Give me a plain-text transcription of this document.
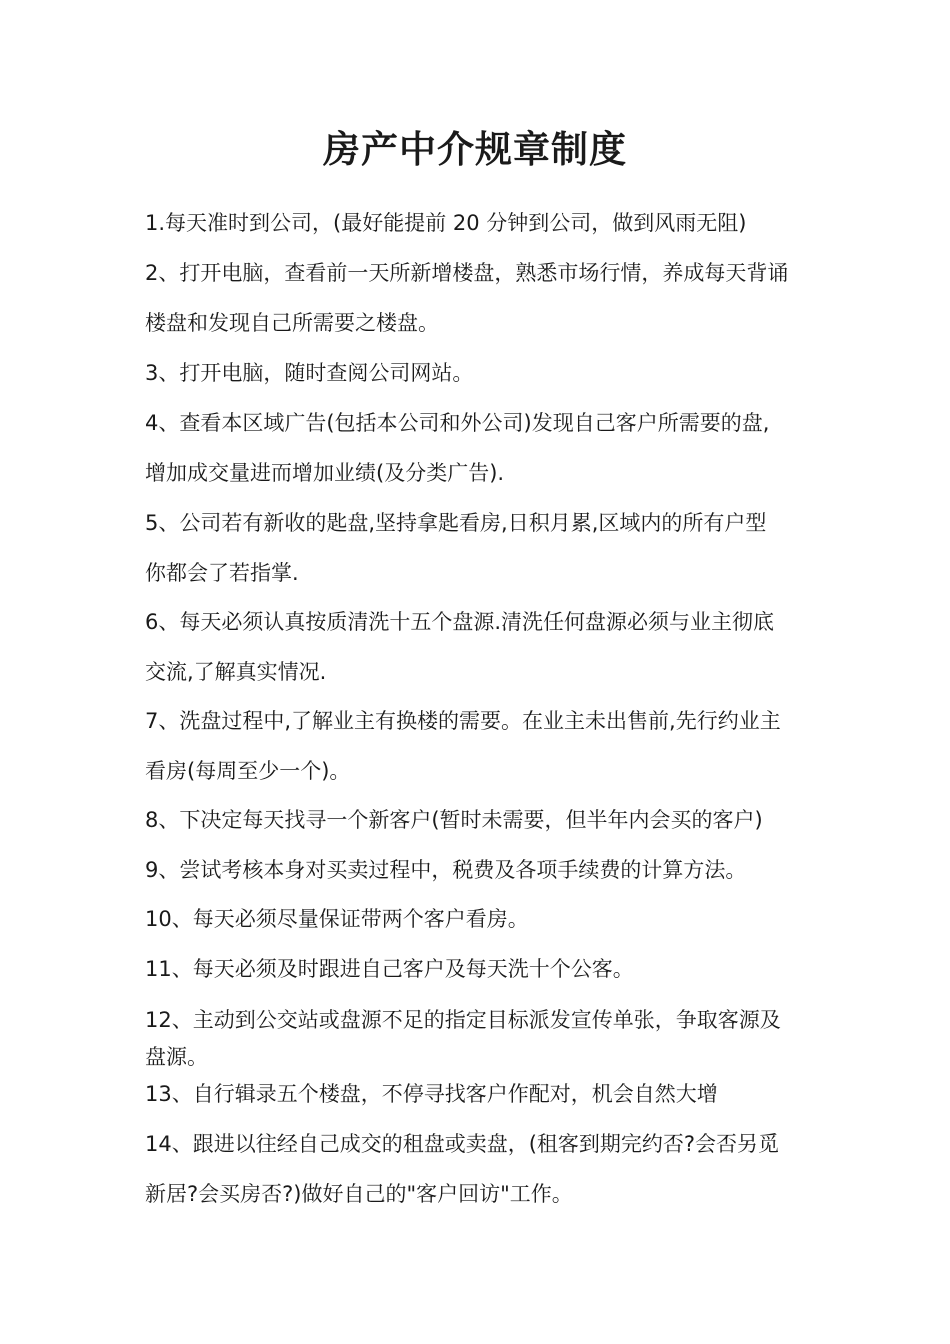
房产中介规章制度
1.每天准时到公司，(最好能提前 20 分钟到公司，做到风雨无阻)
2、打开电脑，查看前一天所新增楼盘，熟悉市场行情，养成每天背诵
楼盘和发现自己所需要之楼盘。
3、打开电脑，随时查阅公司网站。
4、查看本区域广告(包括本公司和外公司)发现自己客户所需要的盘,
增加成交量进而增加业绩(及分类广告).
5、公司若有新收的匙盘,坚持拿匙看房,日积月累,区域内的所有户型
你都会了若指掌.
6、每天必须认真按质清洗十五个盘源.清洗任何盘源必须与业主彻底
交流,了解真实情况.
7、洗盘过程中,了解业主有换楼的需要。在业主未出售前,先行约业主
看房(每周至少一个)。
8、下决定每天找寻一个新客户(暂时未需要，但半年内会买的客户)
9、尝试考核本身对买卖过程中，税费及各项手续费的计算方法。
10、每天必须尽量保证带两个客户看房。
11、每天必须及时跟进自己客户及每天洗十个公客。
12、主动到公交站或盘源不足的指定目标派发宣传单张，争取客源及
盘源。
13、自行辑录五个楼盘，不停寻找客户作配对，机会自然大增
14、跟进以往经自己成交的租盘或卖盘，(租客到期完约否?会否另觅
新居?会买房否?)做好自己的"客户回访"工作。
